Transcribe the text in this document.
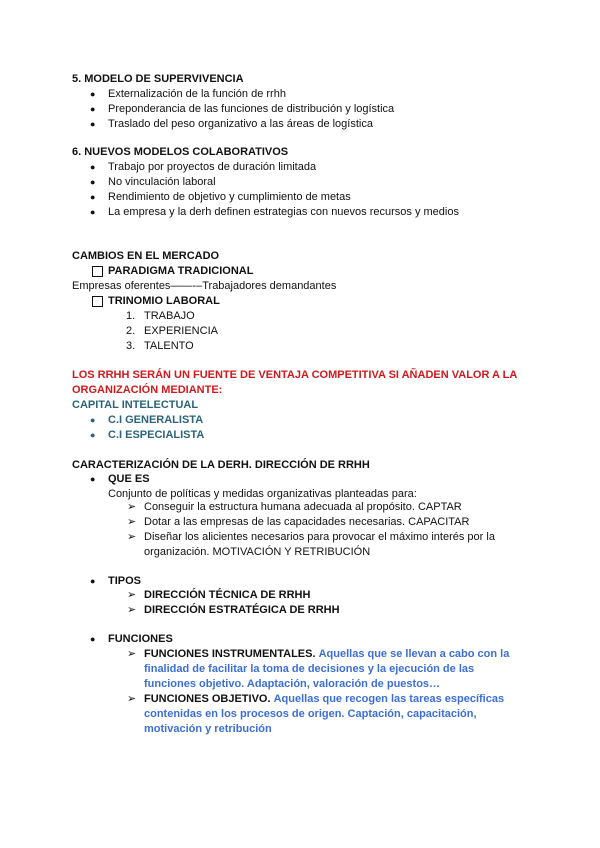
5. MODELO DE SUPERVIVENCIA
● Externalización de la función de rrhh
● Preponderancia de las funciones de distribución y logística
● Traslado del peso organizativo a las áreas de logística
6. NUEVOS MODELOS COLABORATIVOS
● Trabajo por proyectos de duración limitada
● No vinculación laboral
● Rendimiento de objetivo y cumplimiento de metas
● La empresa y la derh definen estrategias con nuevos recursos y medios
CAMBIOS EN EL MERCADO
PARADIGMA TRADICIONAL
Empresas oferentes——-–Trabajadores demandantes
TRINOMIO LABORAL
1. TRABAJO
2. EXPERIENCIA
3. TALENTO
LOS RRHH SERÁN UN FUENTE DE VENTAJA COMPETITIVA SI AÑADEN VALOR A LA
ORGANIZACIÓN MEDIANTE:
CAPITAL INTELECTUAL
● C.I GENERALISTA
● C.I ESPECIALISTA
CARACTERIZACIÓN DE LA DERH. DIRECCIÓN DE RRHH
● QUE ES
Conjunto de políticas y medidas organizativas planteadas para:
➢ Conseguir la estructura humana adecuada al propósito. CAPTAR
➢ Dotar a las empresas de las capacidades necesarias. CAPACITAR
➢ Diseñar los alicientes necesarios para provocar el máximo interés por la
organización. MOTIVACIÓN Y RETRIBUCIÓN
● TIPOS
➢ DIRECCIÓN TÉCNICA DE RRHH
➢ DIRECCIÓN ESTRATÉGICA DE RRHH
● FUNCIONES
➢ FUNCIONES INSTRUMENTALES. Aquellas que se llevan a cabo con la
finalidad de facilitar la toma de decisiones y la ejecución de las
funciones objetivo. Adaptación, valoración de puestos…
➢ FUNCIONES OBJETIVO. Aquellas que recogen las tareas específicas
contenidas en los procesos de origen. Captación, capacitación,
motivación y retribución
